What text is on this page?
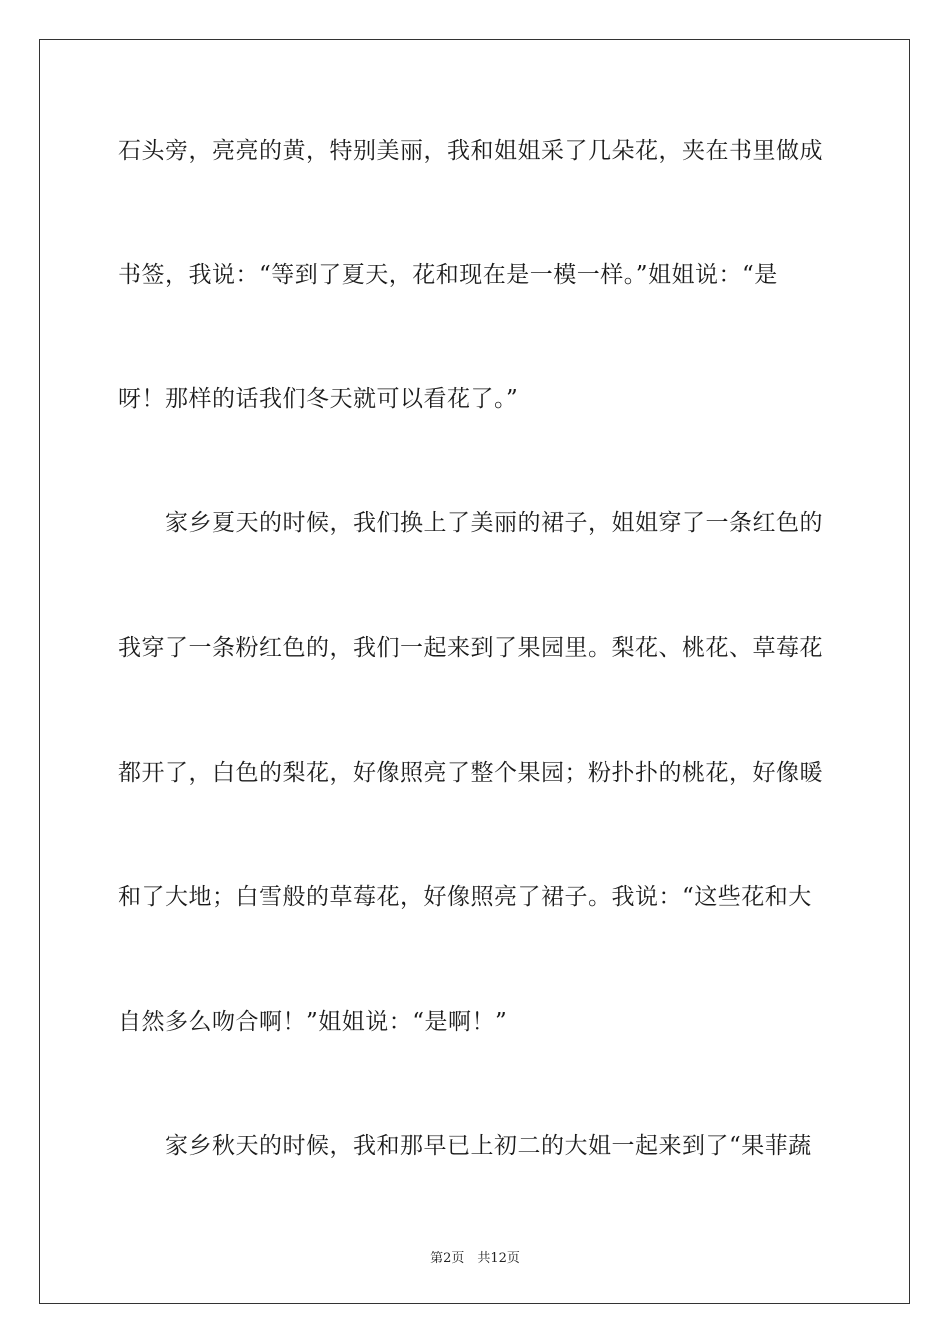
石头旁，亮亮的黄，特别美丽，我和姐姐采了几朵花，夹在书里做成
书签，我说：“等到了夏天，花和现在是一模一样。”姐姐说：“是
呀！那样的话我们冬天就可以看花了。”
　　家乡夏天的时候，我们换上了美丽的裙子，姐姐穿了一条红色的
我穿了一条粉红色的，我们一起来到了果园里。梨花、桃花、草莓花
都开了，白色的梨花，好像照亮了整个果园；粉扑扑的桃花，好像暖
和了大地；白雪般的草莓花，好像照亮了裙子。我说：“这些花和大
自然多么吻合啊！”姐姐说：“是啊！”
　　家乡秋天的时候，我和那早已上初二的大姐一起来到了“果菲蔬
第2页　共12页
